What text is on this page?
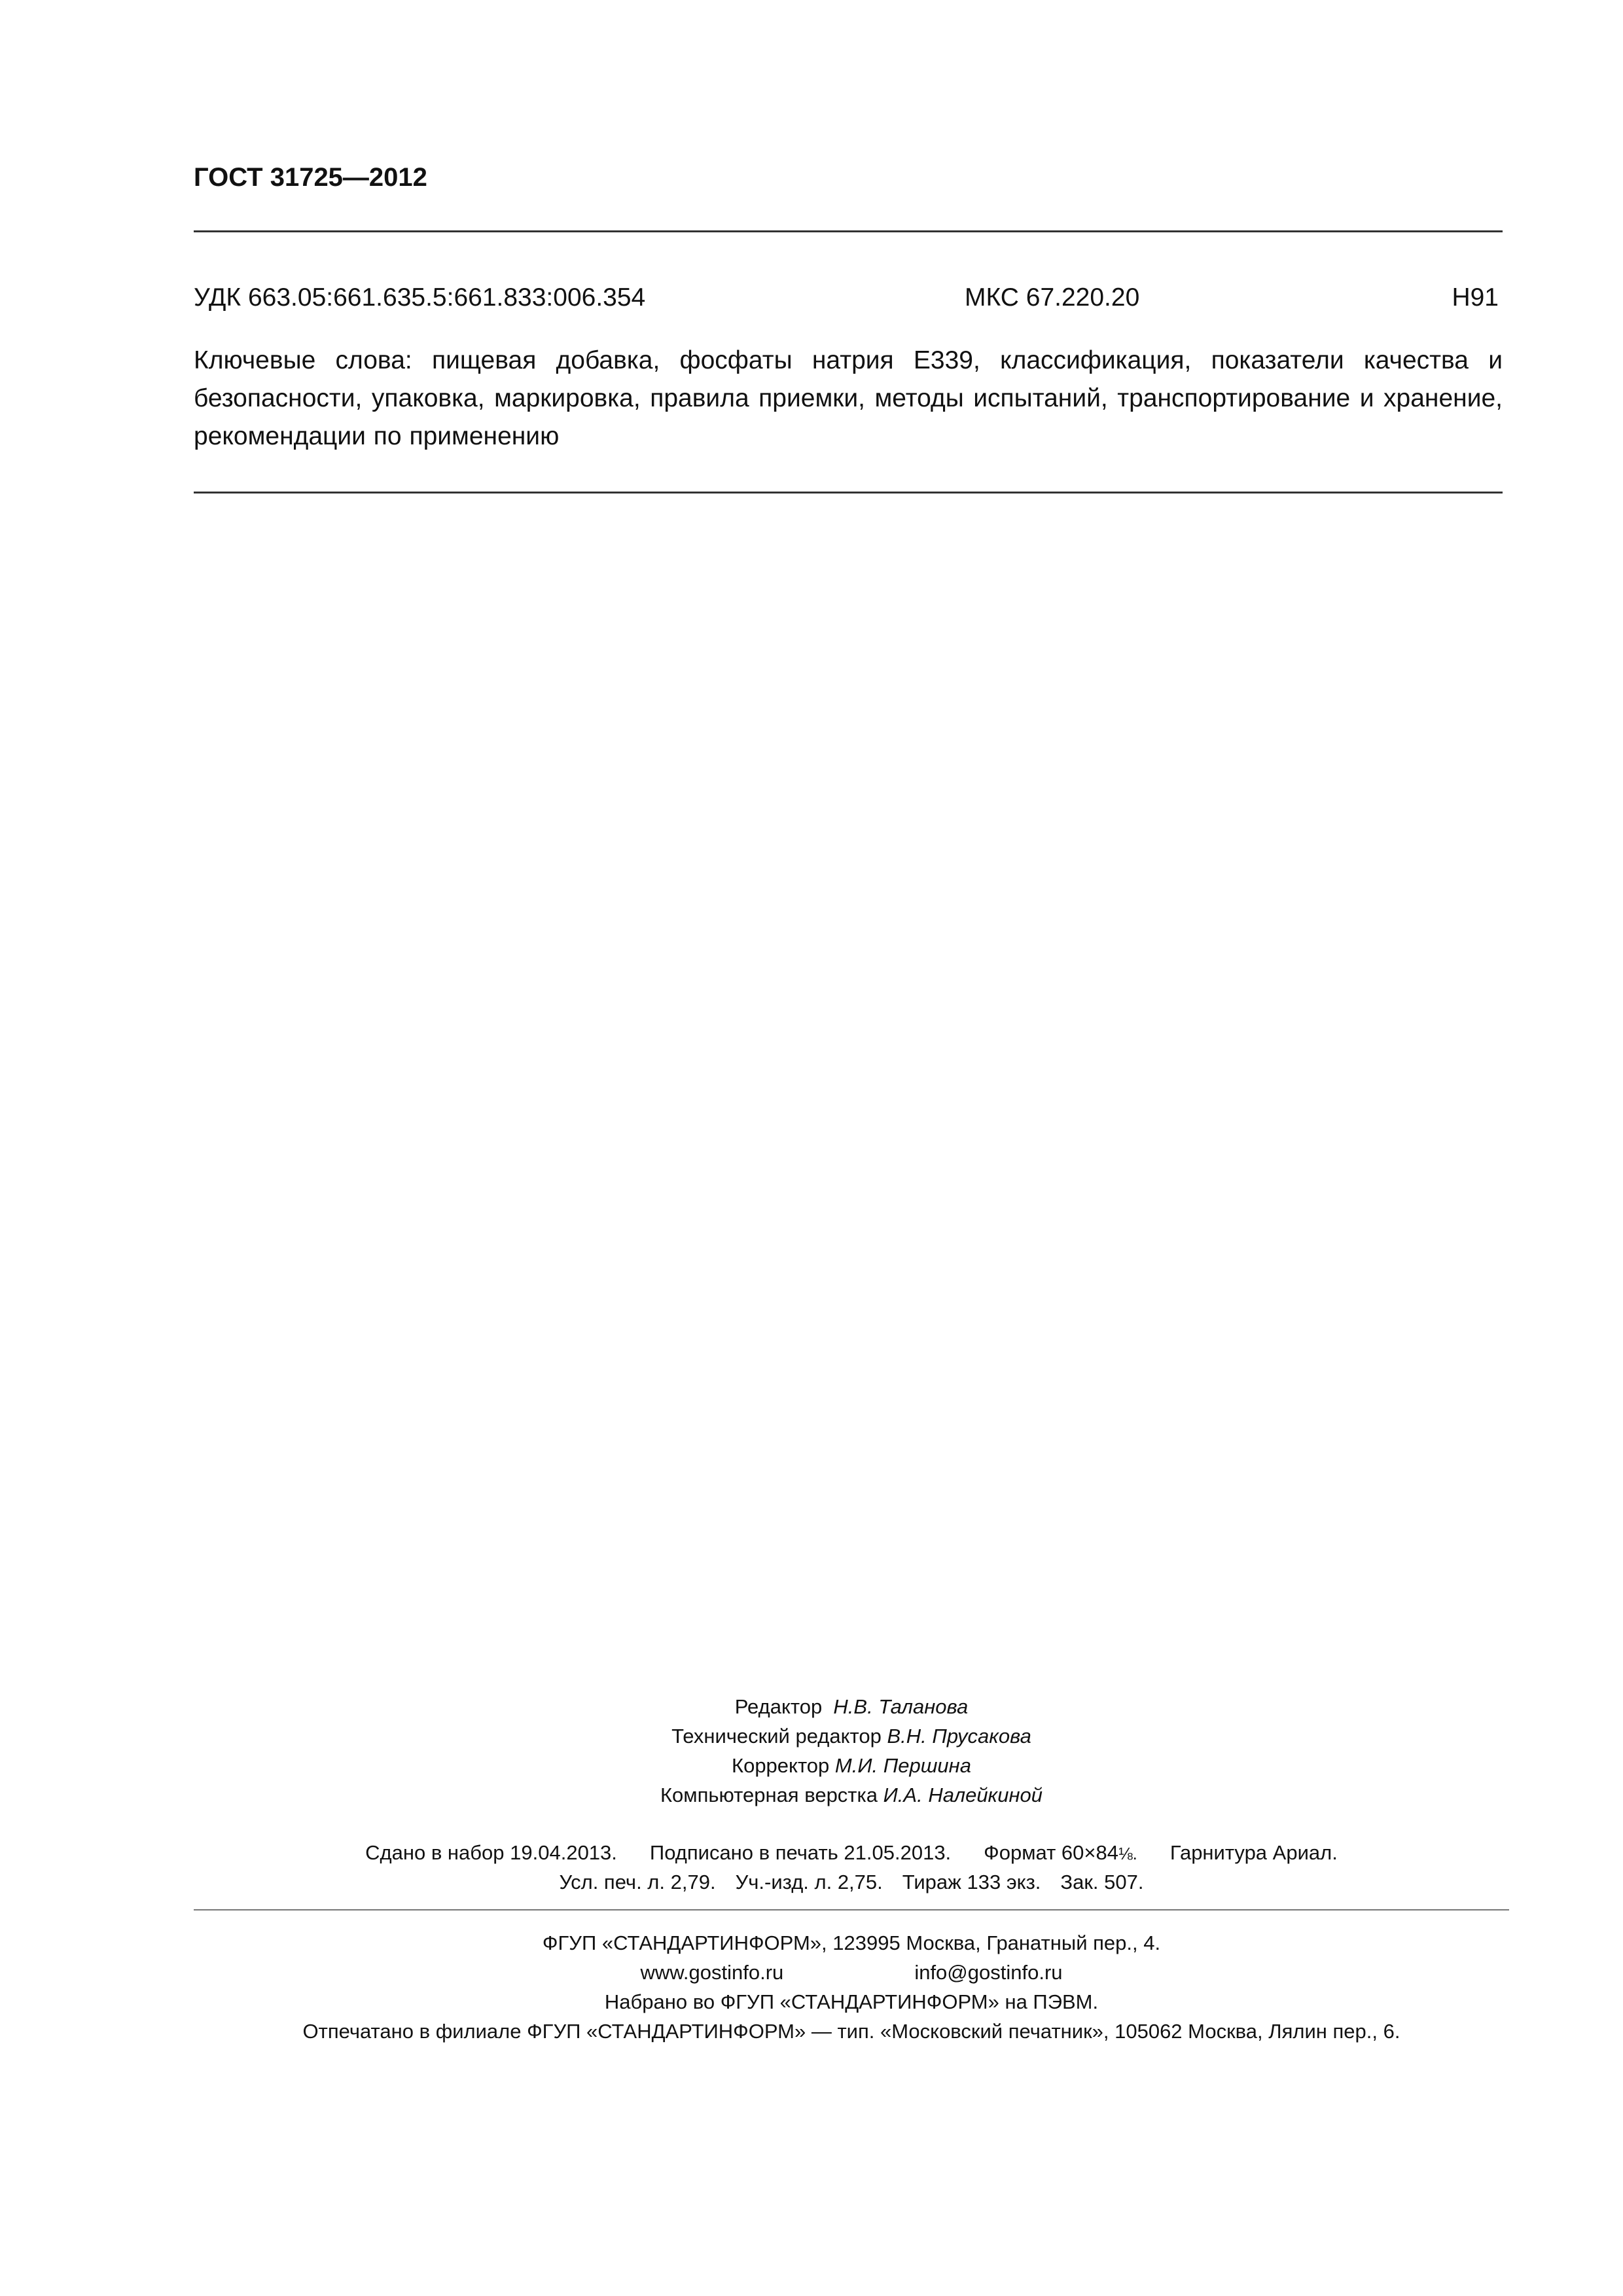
ГОСТ 31725—2012
УДК 663.05:661.635.5:661.833:006.354	МКС 67.220.20	Н91
Ключевые слова: пищевая добавка, фосфаты натрия Е339, классификация, показатели качества и безопасности, упаковка, маркировка, правила приемки, методы испытаний, транспортирование и хранение, рекомендации по применению
Редактор Н.В. Таланова
Технический редактор В.Н. Прусакова
Корректор М.И. Першина
Компьютерная верстка И.А. Налейкиной
Сдано в набор 19.04.2013. Подписано в печать 21.05.2013. Формат 60×84⅛. Гарнитура Ариал.
Усл. печ. л. 2,79. Уч.-изд. л. 2,75. Тираж 133 экз. Зак. 507.
ФГУП «СТАНДАРТИНФОРМ», 123995 Москва, Гранатный пер., 4.
www.gostinfo.ru	info@gostinfo.ru
Набрано во ФГУП «СТАНДАРТИНФОРМ» на ПЭВМ.
Отпечатано в филиале ФГУП «СТАНДАРТИНФОРМ» — тип. «Московский печатник», 105062 Москва, Лялин пер., 6.
